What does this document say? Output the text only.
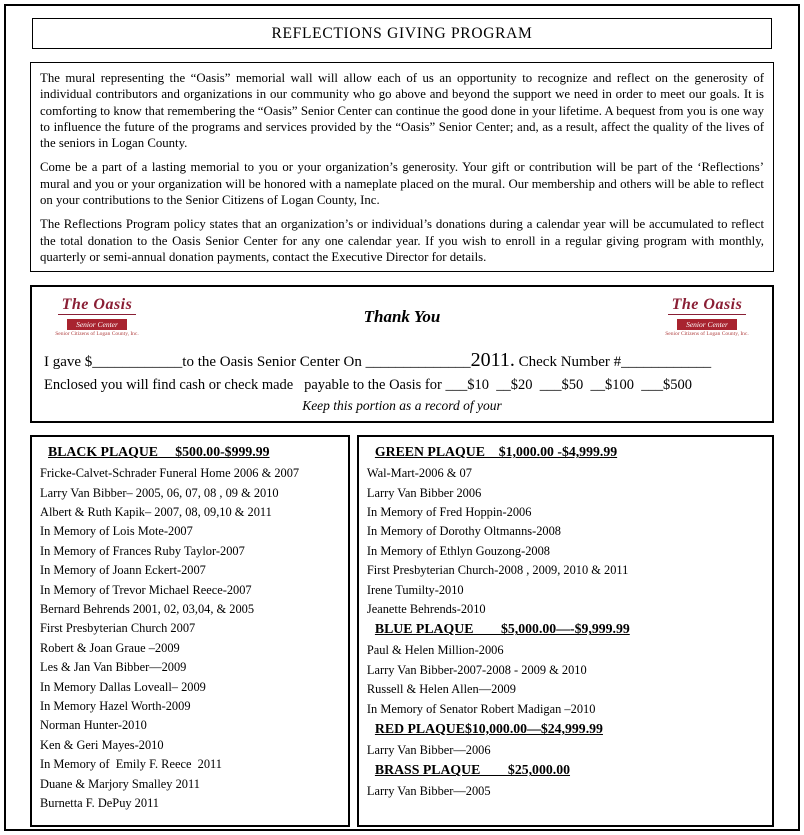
REFLECTIONS GIVING PROGRAM

The mural representing the “Oasis” memorial wall will allow each of us an opportunity to recognize and reflect on the generosity of individual contributors and organizations in our community who go above and beyond the support we need in order to meet our goals. It is comforting to know that remembering the “Oasis” Senior Center can continue the good done in your lifetime. A bequest from you is one way to influence the future of the programs and services provided by the “Oasis” Senior Center; and, as a result, affect the quality of the lives of the seniors in Logan County.

Come be a part of a lasting memorial to you or your organization’s generosity. Your gift or contribution will be part of the ‘Reflections’ mural and you or your organization will be honored with a nameplate placed on the mural. Our membership and others will be able to reflect on your contributions to the Senior Citizens of Logan County, Inc.

The Reflections Program policy states that an organization’s or individual’s donations during a calendar year will be accumulated to reflect the total donation to the Oasis Senior Center for any one calendar year. If you wish to enroll in a regular giving program with monthly, quarterly or semi-annual donation payments, contact the Executive Director for details.

The Oasis Senior Center
Senior Citizens of Logan County, Inc.
Thank You
The Oasis Senior Center
Senior Citizens of Logan County, Inc.

I gave $____________to the Oasis Senior Center On ______________2011. Check Number #____________

Enclosed you will find cash or check made   payable to the Oasis for ___$10  __$20  ___$50  __$100  ___$500

Keep this portion as a record of your

BLACK PLAQUE     $500.00-$999.99
Fricke-Calvet-Schrader Funeral Home 2006 & 2007
Larry Van Bibber– 2005, 06, 07, 08 , 09 & 2010
Albert & Ruth Kapik– 2007, 08, 09,10 & 2011
In Memory of Lois Mote-2007
In Memory of Frances Ruby Taylor-2007
In Memory of Joann Eckert-2007
In Memory of Trevor Michael Reece-2007
Bernard Behrends 2001, 02, 03,04, & 2005
First Presbyterian Church 2007
Robert & Joan Graue –2009
Les & Jan Van Bibber—2009
In Memory Dallas Loveall– 2009
In Memory Hazel Worth-2009
Norman Hunter-2010
Ken & Geri Mayes-2010
In Memory of  Emily F. Reece  2011
Duane & Marjory Smalley 2011
Burnetta F. DePuy 2011
GREEN PLAQUE    $1,000.00 -$4,999.99
Wal-Mart-2006 & 07
Larry Van Bibber 2006
In Memory of Fred Hoppin-2006
In Memory of Dorothy Oltmanns-2008
In Memory of Ethlyn Gouzong-2008
First Presbyterian Church-2008 , 2009, 2010 & 2011
Irene Tumilty-2010
Jeanette Behrends-2010
BLUE PLAQUE        $5,000.00—-$9,999.99
Paul & Helen Million-2006
Larry Van Bibber-2007-2008 - 2009 & 2010
Russell & Helen Allen—2009
In Memory of Senator Robert Madigan –2010
RED PLAQUE$10,000.00—$24,999.99
Larry Van Bibber—2006
BRASS PLAQUE        $25,000.00
Larry Van Bibber—2005
